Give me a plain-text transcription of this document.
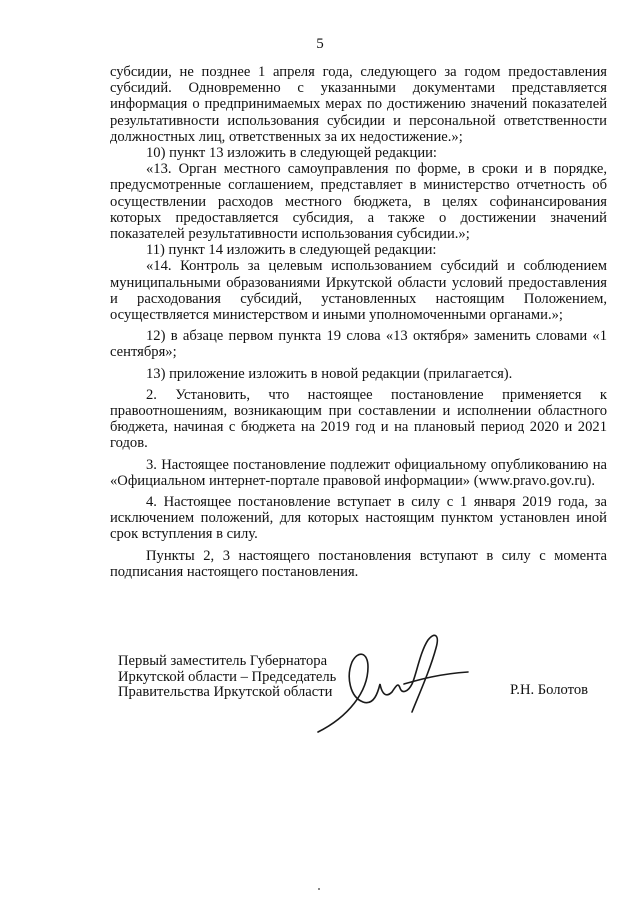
5

субсидии, не позднее 1 апреля года, следующего за годом предоставления субсидий. Одновременно с указанными документами представляется информация о предпринимаемых мерах по достижению значений показателей результативности использования субсидии и персональной ответственности должностных лиц, ответственных за их недостижение.»;

10) пункт 13 изложить в следующей редакции:

«13. Орган местного самоуправления по форме, в сроки и в порядке, предусмотренные соглашением, представляет в министерство отчетность об осуществлении расходов местного бюджета, в целях софинансирования которых предоставляется субсидия, а также о достижении значений показателей результативности использования субсидии.»;

11) пункт 14 изложить в следующей редакции:

«14. Контроль за целевым использованием субсидий и соблюдением муниципальными образованиями Иркутской области условий предоставления и расходования субсидий, установленных настоящим Положением, осуществляется министерством и иными уполномоченными органами.»;

12) в абзаце первом пункта 19 слова «13 октября» заменить словами «1 сентября»;

13) приложение изложить в новой редакции (прилагается).

2. Установить, что настоящее постановление применяется к правоотношениям, возникающим при составлении и исполнении областного бюджета, начиная с бюджета на 2019 год и на плановый период 2020 и 2021 годов.

3. Настоящее постановление подлежит официальному опубликованию на «Официальном интернет-портале правовой информации» (www.pravo.gov.ru).

4. Настоящее постановление вступает в силу с 1 января 2019 года, за исключением положений, для которых настоящим пунктом установлен иной срок вступления в силу.

Пункты 2, 3 настоящего постановления вступают в силу с момента подписания настоящего постановления.

Первый заместитель Губернатора
Иркутской области – Председатель
Правительства Иркутской области	Р.Н. Болотов
